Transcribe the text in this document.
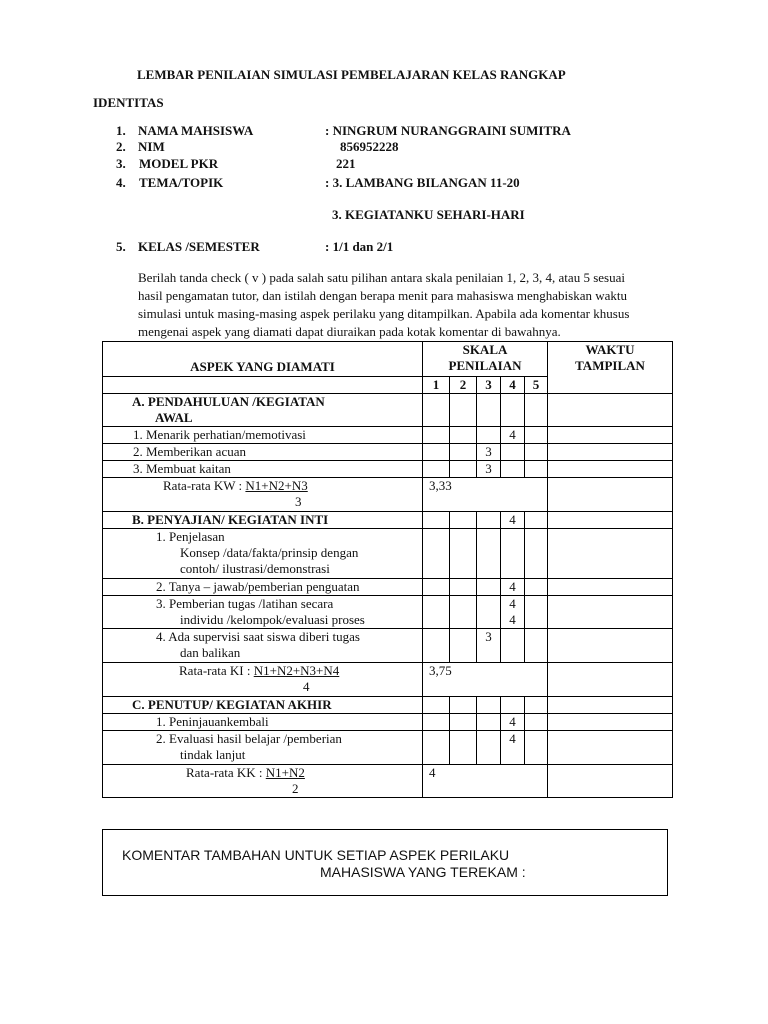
LEMBAR PENILAIAN SIMULASI PEMBELAJARAN KELAS RANGKAP
IDENTITAS
1. NAMA MAHSISWA	: NINGRUM NURANGGRAINI SUMITRA
2. NIM	856952228
3. MODEL PKR	221
4. TEMA/TOPIK	: 3. LAMBANG BILANGAN 11-20
3. KEGIATANKU SEHARI-HARI
5. KELAS /SEMESTER	: 1/1 dan 2/1
Berilah tanda check ( v ) pada salah satu pilihan antara skala penilaian 1, 2, 3, 4, atau 5 sesuai
hasil pengamatan tutor, dan istilah dengan berapa menit para mahasiswa menghabiskan waktu
simulasi untuk masing-masing aspek perilaku yang ditampilkan. Apabila ada komentar khusus
mengenai aspek yang diamati dapat diuraikan pada kotak komentar di bawahnya.
ASPEK YANG DIAMATI	SKALA
PENILAIAN					WAKTU
TAMPILAN
	1	2	3	4	5	
A. PENDAHULUAN /KEGIATAN
AWAL						
1. Menarik perhatian/memotivasi				4		
2. Memberikan acuan			3			
3. Membuat kaitan			3			
Rata-rata KW : N1+N2+N3
3	3,33					
B. PENYAJIAN/ KEGIATAN INTI				4		
1. Penjelasan
Konsep /data/fakta/prinsip dengan
contoh/ ilustrasi/demonstrasi						
2. Tanya – jawab/pemberian penguatan				4		
3. Pemberian tugas /latihan secara
individu /kelompok/evaluasi proses				4
4		
4. Ada supervisi saat siswa diberi tugas
dan balikan			3			
Rata-rata KI : N1+N2+N3+N4
4	3,75					
C. PENUTUP/ KEGIATAN AKHIR						
1. Peninjauankembali				4		
2. Evaluasi hasil belajar /pemberian
tindak lanjut				4		
Rata-rata KK : N1+N2
2	4					
KOMENTAR TAMBAHAN UNTUK SETIAP ASPEK PERILAKU
MAHASISWA YANG TEREKAM :
